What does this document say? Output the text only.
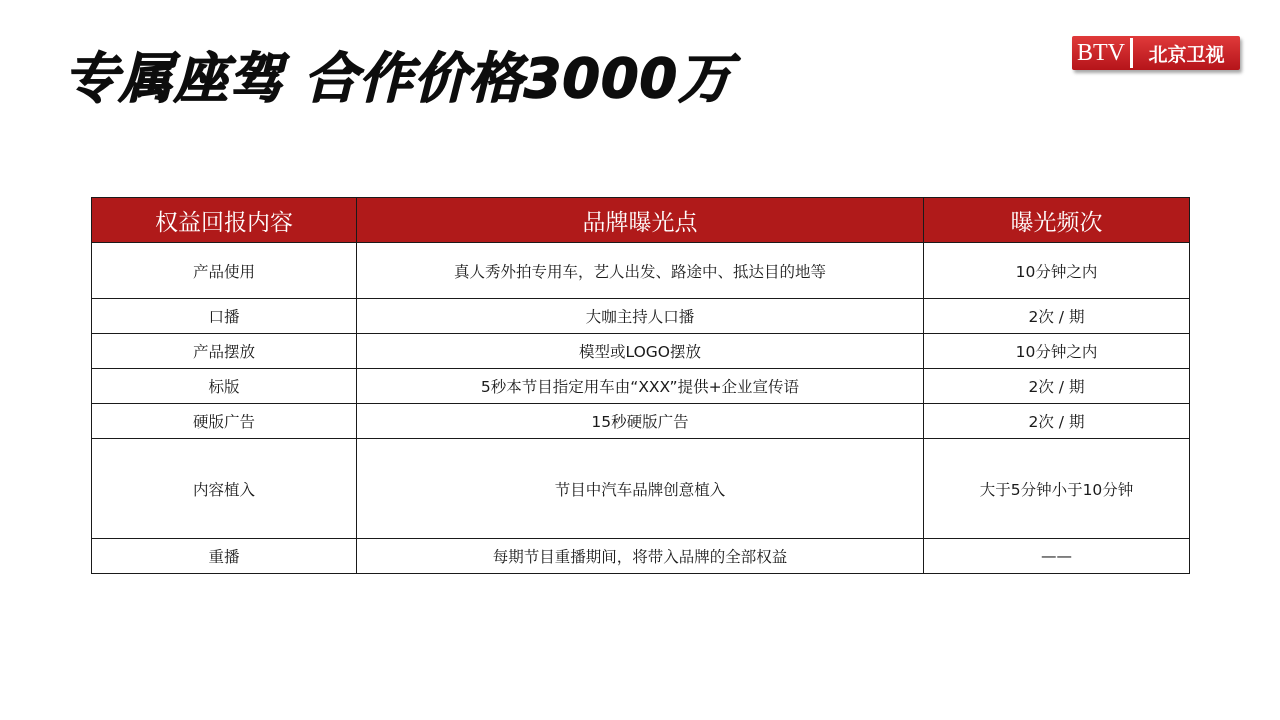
专属座驾 合作价格3000万	BTV	北京卫视
权益回报内容	品牌曝光点	曝光频次
产品使用	真人秀外拍专用车，艺人出发、路途中、抵达目的地等	10分钟之内
口播	大咖主持人口播	2次 / 期
产品摆放	模型或LOGO摆放	10分钟之内
标版	5秒本节目指定用车由“XXX”提供+企业宣传语	2次 / 期
硬版广告	15秒硬版广告	2次 / 期
内容植入	节目中汽车品牌创意植入	大于5分钟小于10分钟
重播	每期节目重播期间，将带入品牌的全部权益	——
